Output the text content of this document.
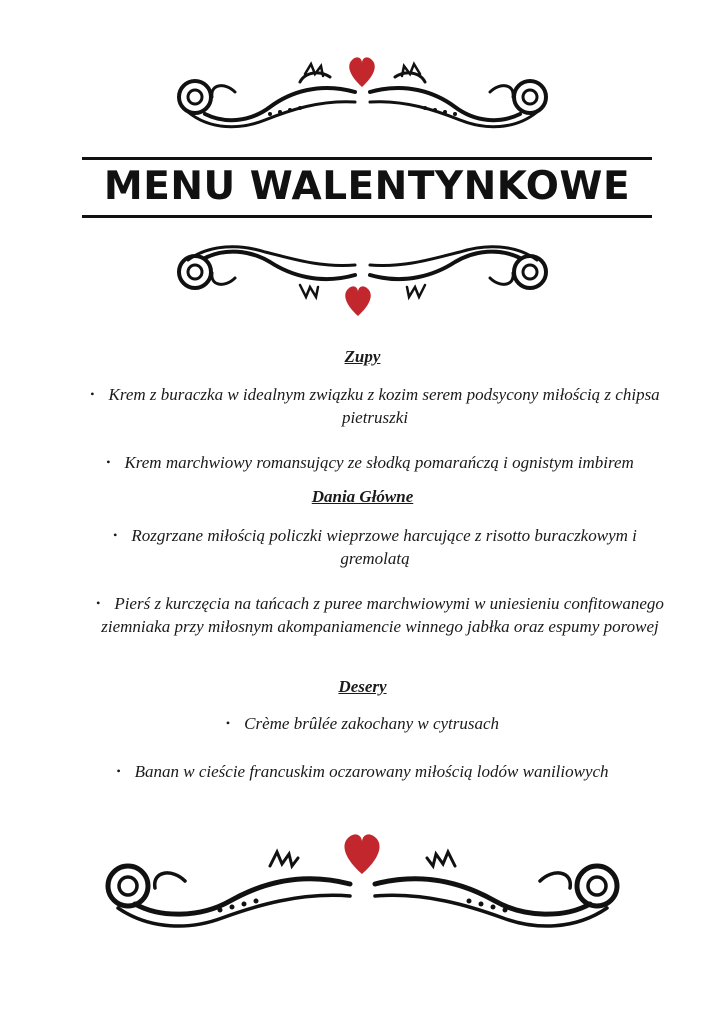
MENU WALENTYNKOWE
Zupy
• Krem z buraczka w idealnym związku z kozim serem podsycony miłością z chipsa pietruszki
• Krem marchwiowy romansujący ze słodką pomarańczą i ognistym imbirem
Dania Główne
• Rozgrzane miłością policzki wieprzowe harcujące z risotto buraczkowym i gremolatą
• Pierś z kurczęcia na tańcach z puree marchwiowymi w uniesieniu confitowanego ziemniaka przy miłosnym akompaniamencie winnego jabłka oraz espumy porowej
Desery
• Crème brûlée zakochany w cytrusach
• Banan w cieście francuskim oczarowany miłością lodów waniliowych
